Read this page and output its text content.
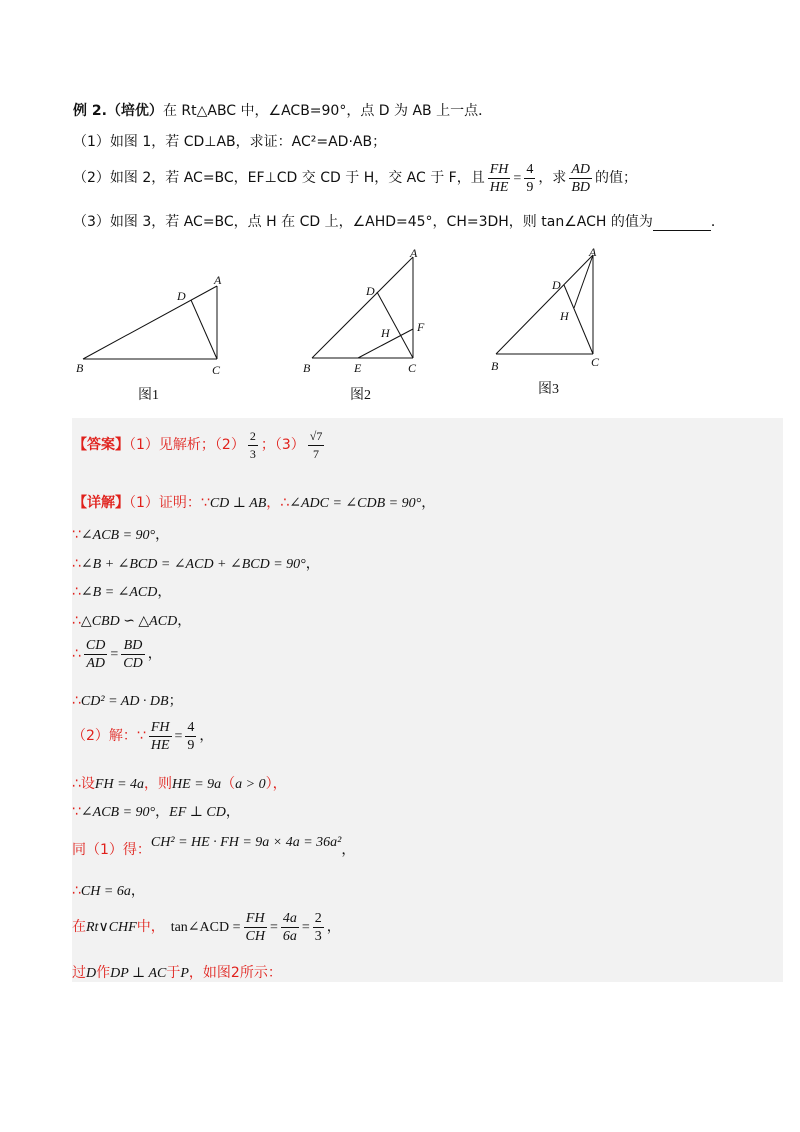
例 2.（培优）在 Rt△ABC 中，∠ACB=90°，点 D 为 AB 上一点．
（1）如图 1，若 CD⊥AB，求证：AC²=AD·AB；
（2）如图 2，若 AC=BC，EF⊥CD 交 CD 于 H，交 AC 于 F，且 $\frac{FH}{HE} = \frac{4}{9}$ ，求 $\frac{AD}{BD}$ 的值；
（3）如图 3，若 AC=BC，点 H 在 CD 上，∠AHD=45°，CH=3DH，则 tan∠ACH 的值为	．
A
D
B	C
图1
A
D
H F
B	E	C
图2
A
D
H
B	C
图3
【答案】（1）见解析；$(2) \frac{2}{3}$ ；$(3) \frac{√7}{7}$
【详解】（1）证明：∵CD ⊥ AB，∴∠ADC = ∠CDB = 90°，
∵∠ACB = 90°，
∴∠B + ∠BCD = ∠ACD + ∠BCD = 90°，
∴∠B = ∠ACD，
∴△CBD ∽ △ACD，
∴ $\frac{CD}{AD} = \frac{BD}{CD}$ ，
∴CD² = AD · DB；
（2）解：∵ $\frac{FH}{HE} = \frac{4}{9}$ ，
∴设FH = 4a，则HE = 9a（a > 0），
∵∠ACB = 90°，EF ⊥ CD，
同（1）得：CH² = HE · FH = 9a × 4a = 36a²，
∴CH = 6a，
在Rt∨CHF中， tan∠ACD = $\frac{FH}{CH} = \frac{4a}{6a} = \frac{2}{3}$ ，
过D作DP ⊥ AC于P，如图2所示：
